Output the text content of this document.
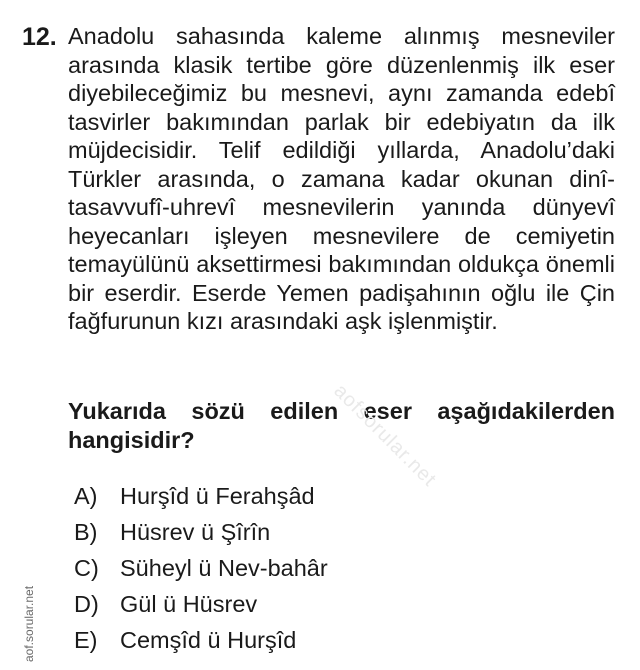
12. Anadolu sahasında kaleme alınmış mesneviler arasında klasik tertibe göre düzenlenmiş ilk eser diyebileceğimiz bu mesnevi, aynı zamanda edebî tasvirler bakımından parlak bir edebiyatın da ilk müjdecisidir. Telif edildiği yıllarda, Anadolu’daki Türkler arasında, o zamana kadar okunan dinî-tasavvufî-uhrevî mesnevilerin yanında dünyevî heyecanları işleyen mesnevilere de cemiyetin temayülünü aksettirmesi bakımından oldukça önemli bir eserdir. Eserde Yemen padişahının oğlu ile Çin fağfurunun kızı arasındaki aşk işlenmiştir.

Yukarıda sözü edilen eser aşağıdakilerden hangisidir?

A) Hurşîd ü Ferahşâd
B) Hüsrev ü Şîrîn
C) Süheyl ü Nev-bahâr
D) Gül ü Hüsrev
E) Cemşîd ü Hurşîd
aofsorular.net
aof.sorular.net
